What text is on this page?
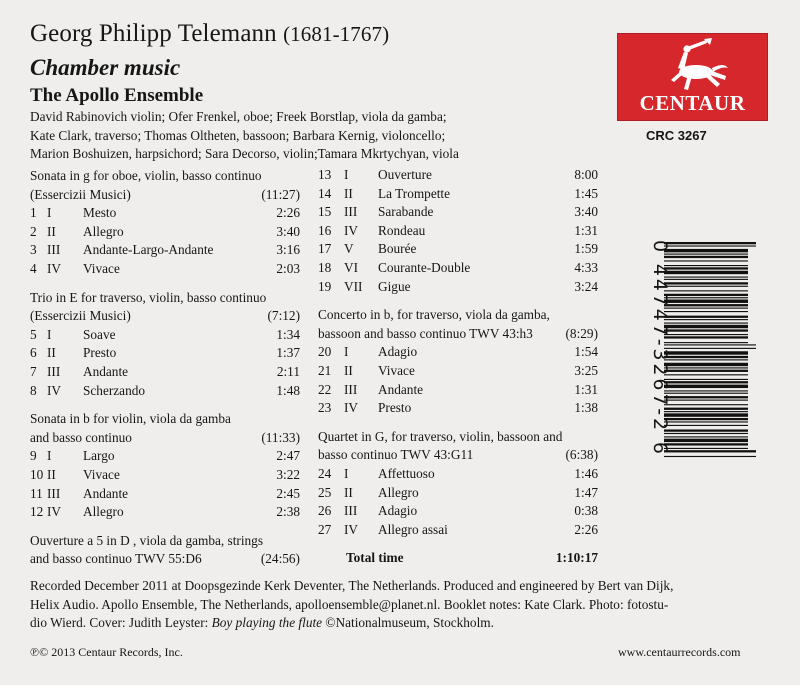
Georg Philipp Telemann (1681-1767)
Chamber music
The Apollo Ensemble
David Rabinovich violin; Ofer Frenkel, oboe; Freek Borstlap, viola da gamba;
Kate Clark, traverso; Thomas Oltheten, bassoon; Barbara Kernig, violoncello;
Marion Boshuizen, harpsichord; Sara Decorso, violin;Tamara Mkrtychyan, viola
CENTAUR
CRC 3267
0 44747-3267-2 6
Sonata in g for oboe, violin, basso continuo
(Essercizii Musici)	(11:27)
1 I Mesto	2:26
2 II Allegro	3:40
3 III Andante-Largo-Andante	3:16
4 IV Vivace	2:03
Trio in E for traverso, violin, basso continuo
(Essercizii Musici)	(7:12)
5 I Soave	1:34
6 II Presto	1:37
7 III Andante	2:11
8 IV Scherzando	1:48
Sonata in b for violin, viola da gamba
and basso continuo	(11:33)
9 I Largo	2:47
10 II Vivace	3:22
11 III Andante	2:45
12 IV Allegro	2:38
Ouverture a 5 in D , viola da gamba, strings
and basso continuo TWV 55:D6	(24:56)
13 I Ouverture	8:00
14 II La Trompette	1:45
15 III Sarabande	3:40
16 IV Rondeau	1:31
17 V Bourée	1:59
18 VI Courante-Double	4:33
19 VII Gigue	3:24
Concerto in b, for traverso, viola da gamba,
bassoon and basso continuo TWV 43:h3 (8:29)
20 I Adagio	1:54
21 II Vivace	3:25
22 III Andante	1:31
23 IV Presto	1:38
Quartet in G, for traverso, violin, bassoon and
basso continuo TWV 43:G11	(6:38)
24 I Affettuoso	1:46
25 II Allegro	1:47
26 III Adagio	0:38
27 IV Allegro assai	2:26
Total time	1:10:17
Recorded December 2011 at Doopsgezinde Kerk Deventer, The Netherlands. Produced and engineered by Bert van Dijk,
Helix Audio. Apollo Ensemble, The Netherlands, apolloensemble@planet.nl. Booklet notes: Kate Clark. Photo: fotostu-
dio Wierd. Cover: Judith Leyster: Boy playing the flute ©Nationalmuseum, Stockholm.
℗© 2013 Centaur Records, Inc.	www.centaurrecords.com
